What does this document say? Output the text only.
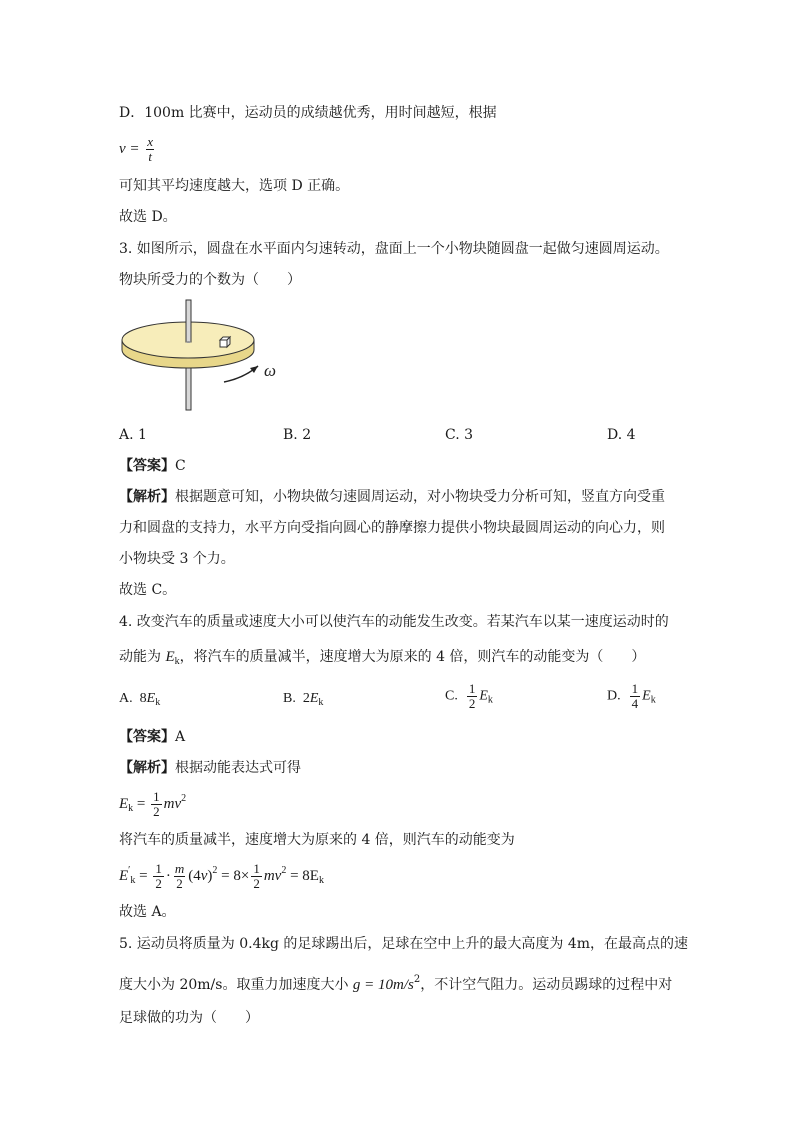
D．100m 比赛中，运动员的成绩越优秀，用时间越短，根据
$v = \frac{x}{t}$
可知其平均速度越大，选项 D 正确。
故选 D。
3. 如图所示，圆盘在水平面内匀速转动，盘面上一个小物块随圆盘一起做匀速圆周运动。
物块所受力的个数为（　　）
ω
A. 1	B. 2	C. 3	D. 4
【答案】C
【解析】根据题意可知，小物块做匀速圆周运动，对小物块受力分析可知，竖直方向受重
力和圆盘的支持力，水平方向受指向圆心的静摩擦力提供小物块最圆周运动的向心力，则
小物块受 3 个力。
故选 C。
4. 改变汽车的质量或速度大小可以使汽车的动能发生改变。若某汽车以某一速度运动时的
动能为 $E_k$，将汽车的质量减半，速度增大为原来的 4 倍，则汽车的动能变为（　　）
A. $8E_k$	B. $2E_k$	C. $\frac{1}{2} E_k$	D. $\frac{1}{4} E_k$
【答案】A
【解析】根据动能表达式可得
$E_k = \frac{1}{2} mv^2$
将汽车的质量减半，速度增大为原来的 4 倍，则汽车的动能变为
$E'_k = \frac{1}{2} \cdot \frac{m}{2} (4v)^2 = 8\times \frac{1}{2} mv^2 = 8E_k$
故选 A。
5. 运动员将质量为 0.4kg 的足球踢出后，足球在空中上升的最大高度为 4m，在最高点的速
度大小为 20m/s。取重力加速度大小 $g = 10m/s^2$，不计空气阻力。运动员踢球的过程中对
足球做的功为（　　）
